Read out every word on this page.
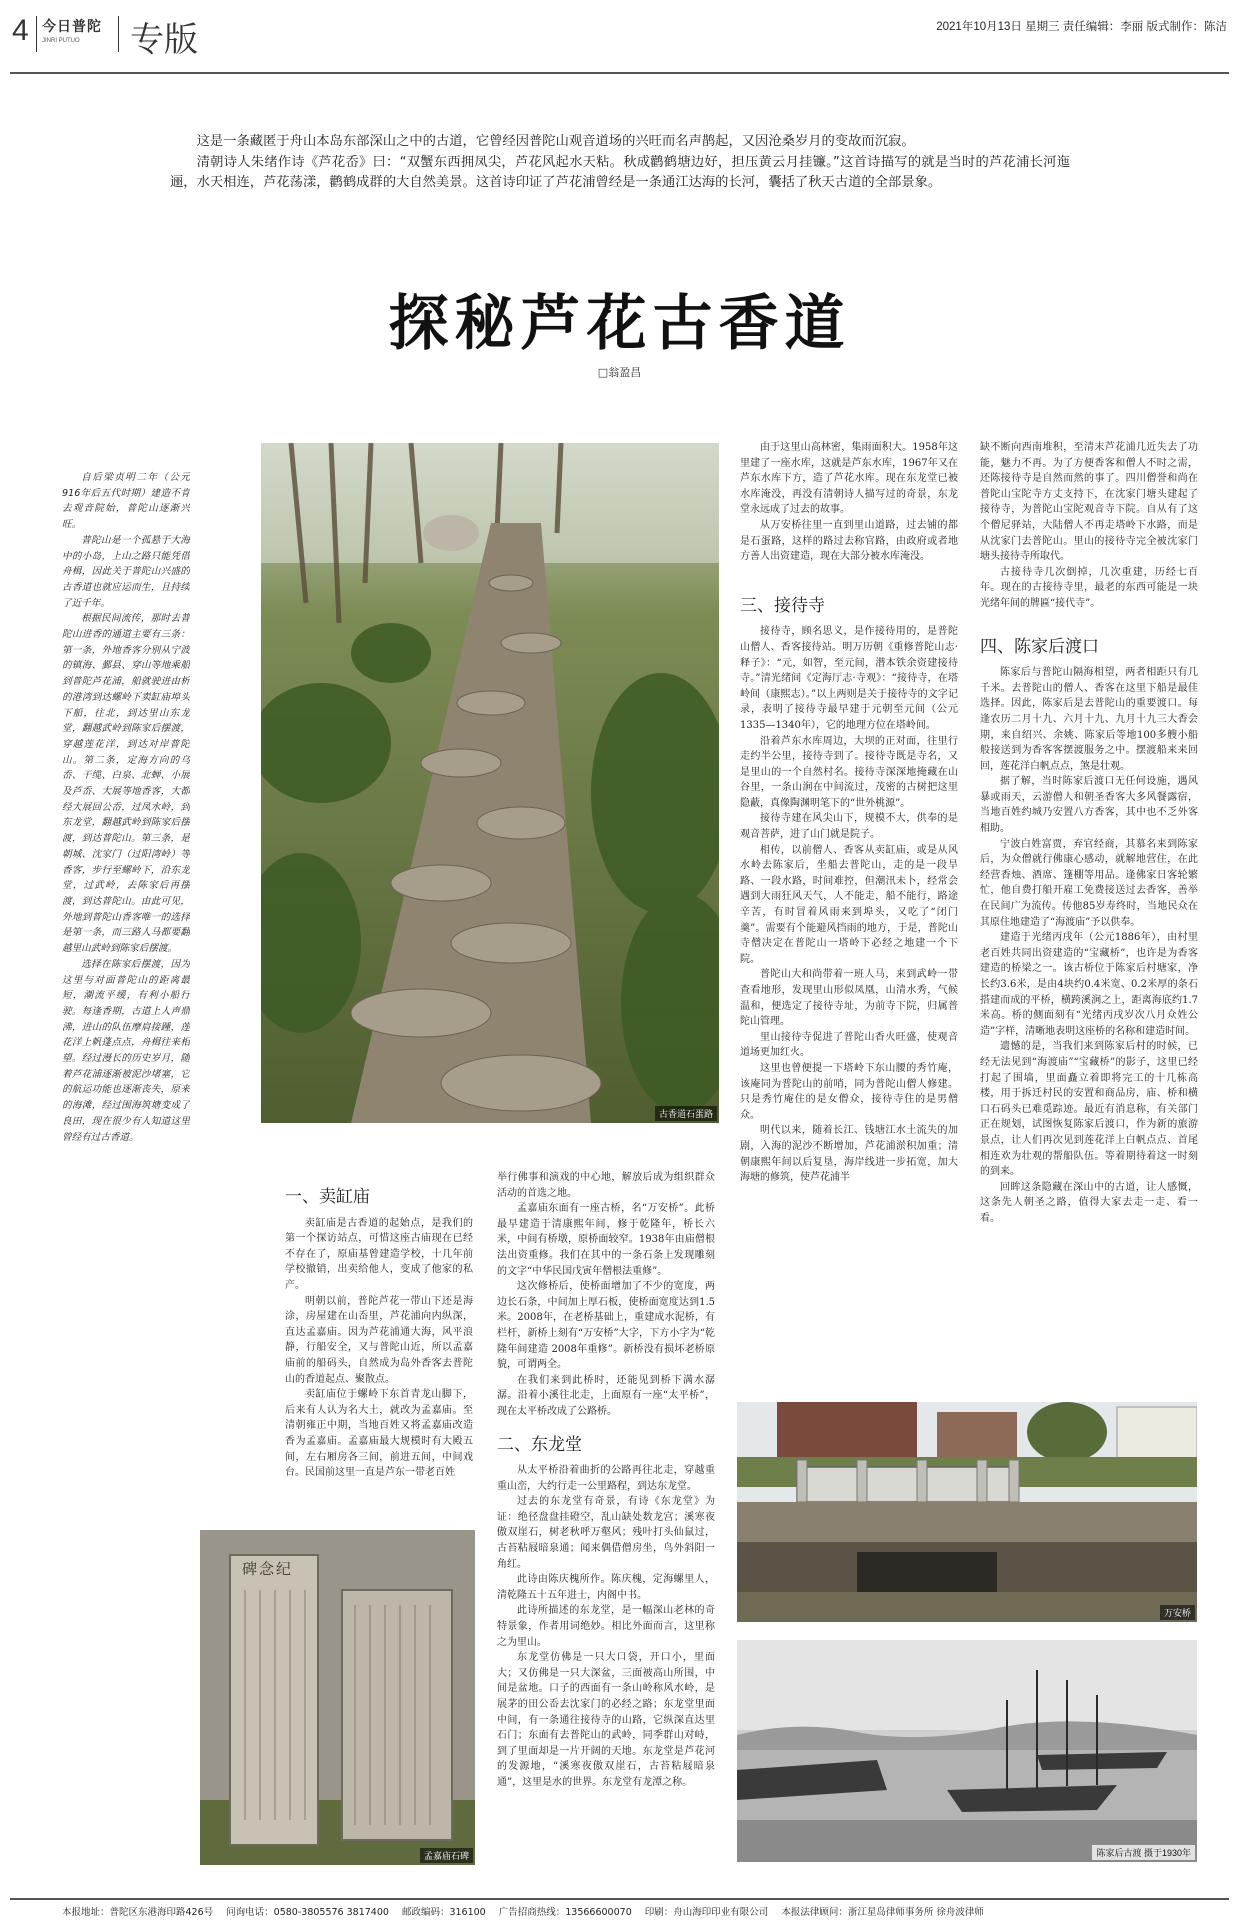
4 今日普陀
JINRI PUTUO	专版	2021年10月13日 星期三 责任编辑：李丽 版式制作：陈洁

这是一条藏匿于舟山本岛东部深山之中的古道，它曾经因普陀山观音道场的兴旺而名声鹊起，又因沧桑岁月的变故而沉寂。

清朝诗人朱绪作诗《芦花岙》曰：“双蟹东西拥凤尖，芦花风起水天粘。秋成鹳鹤塘边好，担压黄云月挂镰。”这首诗描写的就是当时的芦花浦长河迤逦，水天相连，芦花荡漾，鹳鹤成群的大自然美景。这首诗印证了芦花浦曾经是一条通江达海的长河，囊括了秋天古道的全部景象。

探秘芦花古香道
□翁盈昌

自后梁贞明二年（公元916年后五代时期）建造不肯去观音院始，普陀山逐渐兴旺。

普陀山是一个孤悬于大海中的小岛，上山之路只能凭借舟楫，因此关于普陀山兴盛的古香道也就应运而生，且持续了近千年。

根据民间流传，那时去普陀山进香的通道主要有三条：第一条，外地香客分别从宁波的镇海、鄞县、穿山等地乘船到普陀芦花浦，船就驶进由析的港湾到达螺岭下卖缸庙埠头下船，往北，到达里山东龙堂，翻越武岭到陈家后摆渡，穿越莲花洋，到达对岸普陀山。第二条，定海方向的乌岙、干缆、白泉、北蝉、小展及芦岙、大展等地香客，大都经大展回公岙，过凤水岭，到东龙堂，翻越武岭到陈家后摆渡，到达普陀山。第三条，是朝城、沈家门（过阳湾岭）等香客，步行至螺岭下，沿东龙堂，过武岭，去陈家后再摆渡，到达普陀山。由此可见，外地到普陀山香客唯一的选择是第一条，而三路人马都要翻越里山武岭到陈家后摆渡。

选择在陈家后摆渡，因为这里与对面普陀山的距离最短，潮流平缓，有利小船行驶。每逢香期，古道上人声鼎沸，进山的队伍摩肩接踵，莲花洋上帆蓬点点，舟楫往来相望。经过漫长的历史岁月，随着芦花浦逐渐被泥沙堵塞，它的航运功能也逐渐丧失，原来的海滩，经过围海筑塘变成了良田，现在很少有人知道这里曾经有过古香道。

古香道石蛋路
一、卖缸庙

卖缸庙是古香道的起始点，是我们的第一个探访站点，可惜这座古庙现在已经不存在了，原庙基曾建造学校，十几年前学校撤销，出卖给他人，变成了他家的私产。

明朝以前，普陀芦花一带山下还是海涂，房屋建在山岙里，芦花浦向内纵深，直达孟嘉庙。因为芦花浦通大海，风平浪静，行船安全，又与普陀山近，所以孟嘉庙前的船码头，自然成为岛外香客去普陀山的香道起点、聚散点。

卖缸庙位于螺岭下东首青龙山脚下，后来有人认为名大土，就改为孟嘉庙。至清朝雍正中期，当地百姓又将孟嘉庙改造香为孟嘉庙。孟嘉庙最大规模时有大殿五间，左右厢房各三间，前进五间，中间戏台。民国前这里一直是芦东一带老百姓

碑念纪
孟嘉庙石碑

举行佛事和演戏的中心地，解放后成为组织群众活动的首选之地。

孟嘉庙东面有一座古桥，名“万安桥”。此桥最早建造于清康熙年间，修于乾隆年，桥长六米，中间有桥墩，原桥面较窄。1938年由庙僧根法出资重修。我们在其中的一条石条上发现雕刻的文字“中华民国戊寅年僧根法重修”。

这次修桥后，使桥面增加了不少的宽度，两边长石条，中间加上厚石板，使桥面宽度达到1.5米。2008年，在老桥基础上，重建成水泥桥，有栏杆，新桥上刻有“万安桥”大字，下方小字为“乾隆年间建造 2008年重修”。新桥没有损坏老桥原貌，可谓两全。

在我们来到此桥时，还能见到桥下满水潺潺。沿着小溪往北走，上面原有一座“太平桥”，现在太平桥改成了公路桥。

二、东龙堂

从太平桥沿着曲折的公路再往北走，穿越重重山峦，大约行走一公里路程，到达东龙堂。

过去的东龙堂有奇景，有诗《东龙堂》为证：绝径盘盘挂磴空，乱山缺处数龙宫；溪寒夜傲双崖石，树老秋呼万壑风；残叶打头仙鼠过，古苔粘屐暗泉通；闻来偶借僧房坐，鸟外斜阳一角红。

此诗由陈庆槐所作。陈庆槐，定海螺里人，清乾隆五十五年进士，内阁中书。

此诗所描述的东龙堂，是一幅深山老林的奇特景象，作者用词绝妙。相比外面而言，这里称之为里山。

东龙堂仿佛是一只大口袋，开口小，里面大；又仿佛是一只大深盆，三面被高山所围，中间是盆地。口子的西面有一条山岭称风水岭，是展茅的田公岙去沈家门的必经之路；东龙堂里面中间，有一条通往接待寺的山路，它纵深直达里石门；东面有去普陀山的武岭，同季群山对峙，到了里面却是一片开阔的天地。东龙堂是芦花河的发源地，“溪寒夜傲双崖石，古苔粘屐暗泉通”，这里是水的世界。东龙堂有龙潭之称。

由于这里山高林密，集雨面积大。1958年这里建了一座水库，这就是芦东水库，1967年又在芦东水库下方，造了芦花水库。现在东龙堂已被水库淹没，再没有清朝诗人描写过的奇景，东龙堂永远成了过去的故事。

从万安桥往里一直到里山道路，过去铺的都是石蛋路，这样的路过去称官路，由政府或者地方善人出资建造，现在大部分被水库淹没。

三、接待寺

接待寺，顾名思义，是作接待用的，是普陀山僧人、香客接待站。明万历朝《重修普陀山志·释子》：“元，如智，至元间，潜本铁余资建接待寺。”清光绪间《定海厅志·寺观》：“接待寺，在塔岭间（康熙志）。”以上两则是关于接待寺的文字记录，表明了接待寺最早建于元朝至元间（公元1335—1340年），它的地理方位在塔岭间。

沿着芦东水库周边，大坝的正对面，往里行走约半公里，接待寺到了。接待寺既是寺名，又是里山的一个自然村名。接待寺深深地掩藏在山谷里，一条山涧在中间流过，茂密的古树把这里隐蔽，真像陶渊明笔下的“世外桃源”。

接待寺建在风尖山下，规模不大，供奉的是观音菩萨，进了山门就是院子。

相传，以前僧人、香客从卖缸庙，或是从风水岭去陈家后，坐船去普陀山，走的是一段旱路、一段水路，时间难控，但潮汛未卜，经常会遇到大雨狂风天气，人不能走，船不能行，路途辛苦，有时冒着风雨来到埠头，又吃了“闭门羹”。需要有个能避风挡雨的地方，于是，普陀山寺僧决定在普陀山一塔岭下必经之地建一个下院。

普陀山大和尚带着一班人马，来到武岭一带查看地形，发现里山形似凤凰，山清水秀，气候温和，便选定了接待寺址，为前寺下院，归属普陀山管理。

里山接待寺促进了普陀山香火旺盛，使观音道场更加红火。

这里也曾便提一下塔岭下东山腰的秀竹庵，该庵同为普陀山的前哨，同为普陀山僧人修建。只是秀竹庵住的是女僧众，接待寺住的是男僧众。

明代以来，随着长江、钱塘江水土流失的加剧，入海的泥沙不断增加，芦花浦淤积加重；清朝康熙年间以后复垦，海岸线进一步拓宽，加大海塘的修筑，使芦花浦半

缺不断向西南堆积，至清末芦花浦几近失去了功能，魅力不再。为了方便香客和僧人不时之需，还陈接待寺是自然而然的事了。四川僧誉和尚在普陀山宝陀寺方丈支持下，在沈家门塘头建起了接待寺，为普陀山宝陀观音寺下院。自从有了这个僧尼驿站，大陆僧人不再走塔岭下水路，而是从沈家门去普陀山。里山的接待寺完全被沈家门塘头接待寺所取代。

古接待寺几次倒掉，几次重建，历经七百年。现在的古接待寺里，最老的东西可能是一块光绪年间的牌匾“接代寺”。

四、陈家后渡口

陈家后与普陀山隔海相望，两者相距只有几千米。去普陀山的僧人、香客在这里下船是最佳选择。因此，陈家后是去普陀山的重要渡口。每逢农历二月十九、六月十九、九月十九三大香会期，来自绍兴、余姚、陈家后等地100多艘小船般接送到为香客客摆渡服务之中。摆渡船来来回回，莲花洋白帆点点，煞是壮观。

据了解，当时陈家后渡口无任何设施，遇风暴或雨天，云游僧人和朝圣香客大多风餐露宿，当地百姓约城乃安置八方香客，其中也不乏外客相助。

宁波白姓富贾，弃官经商，其慕名来到陈家后，为众僧就行佛康心感动，就解地营住，在此经营香烛、酒席、篷棚等用品。逢佛家日客轮繁忙，他自费打船开雇工免费接送过去香客，善举在民间广为流传。传他85岁寿终时，当地民众在其原住地建造了“海渡庙”予以供奉。

建造于光绪丙戌年（公元1886年），由村里老百姓共同出资建造的“宝藏桥”，也许是为香客建造的桥梁之一。该古桥位于陈家后村塘家，净长约3.6米，是由4块约0.4米宽、0.2米厚的条石搭建而成的平桥，横跨溪涧之上，距离海底约1.7米高。桥的侧面刻有“光绪丙戌岁次八月众姓公造”字样，清晰地表明这座桥的名称和建造时间。

遗憾的是，当我们来到陈家后村的时候，已经无法见到“海渡庙”“宝藏桥”的影子，这里已经打起了围墙，里面矗立着即将完工的十几栋高楼，用于拆迁村民的安置和商品房，庙、桥和横口石码头已难觅踪迹。最近有消息称，有关部门正在规划，试图恢复陈家后渡口，作为新的旅游景点，让人们再次见到莲花洋上白帆点点、首尾相连欢为壮观的帮船队伍。等着期待着这一时刻的到来。

回眸这条隐藏在深山中的古道，让人感慨，这条先人朝圣之路，值得大家去走一走、看一看。

万安桥
陈家后古渡 摄于1930年
本报地址：普陀区东港海印路426号 问询电话：0580-3805576 3817400 邮政编码：316100 广告招商热线：13566600070 印刷：舟山海印印业有限公司 本报法律顾问：浙江星岛律师事务所 徐舟波律师
